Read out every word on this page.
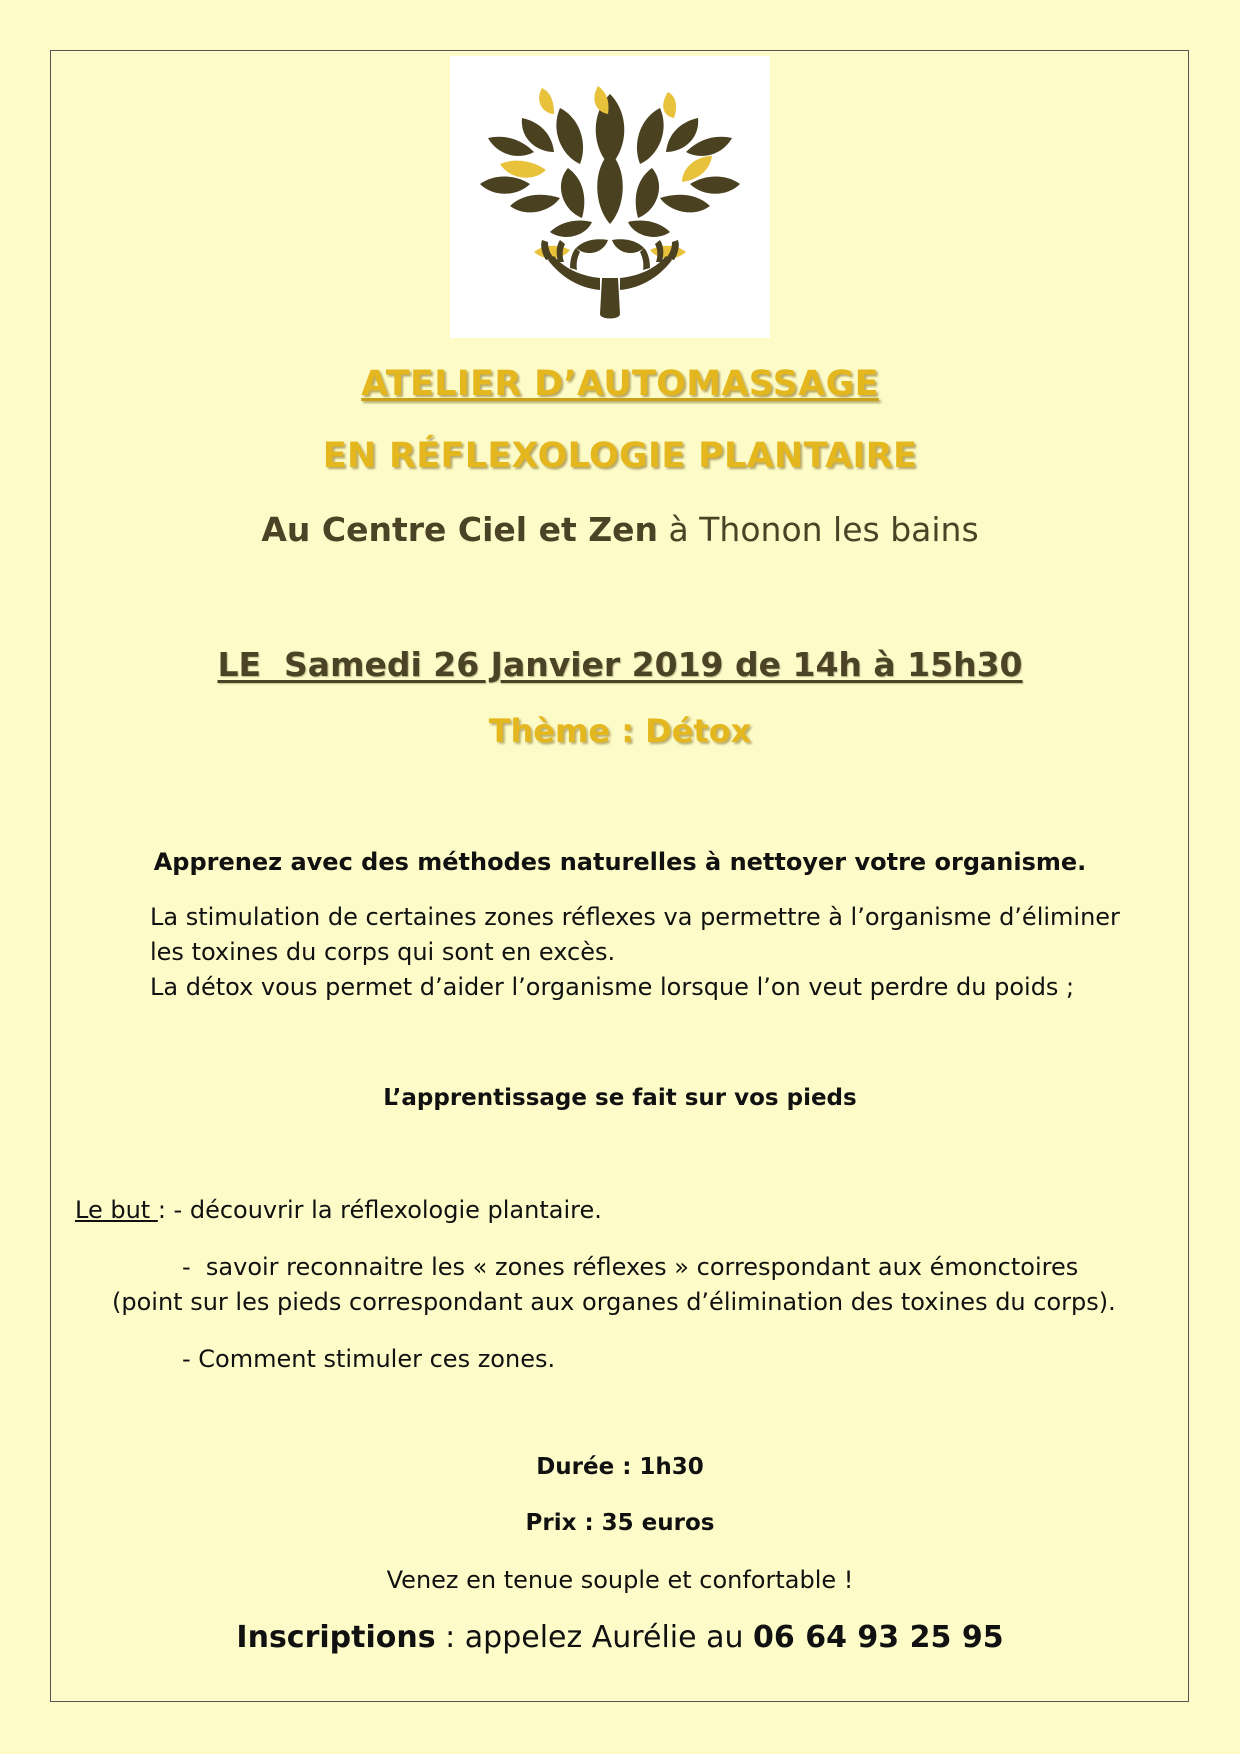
ATELIER D’AUTOMASSAGE
EN RÉFLEXOLOGIE PLANTAIRE
Au Centre Ciel et Zen à Thonon les bains
LE  Samedi 26 Janvier 2019 de 14h à 15h30
Thème : Détox
Apprenez avec des méthodes naturelles à nettoyer votre organisme.
La stimulation de certaines zones réflexes va permettre à l’organisme d’éliminer
les toxines du corps qui sont en excès.
La détox vous permet d’aider l’organisme lorsque l’on veut perdre du poids ;
L’apprentissage se fait sur vos pieds
Le but : - découvrir la réflexologie plantaire.
-  savoir reconnaitre les « zones réflexes » correspondant aux émonctoires
(point sur les pieds correspondant aux organes d’élimination des toxines du corps).
- Comment stimuler ces zones.
Durée : 1h30
Prix : 35 euros
Venez en tenue souple et confortable !
Inscriptions : appelez Aurélie au 06 64 93 25 95
